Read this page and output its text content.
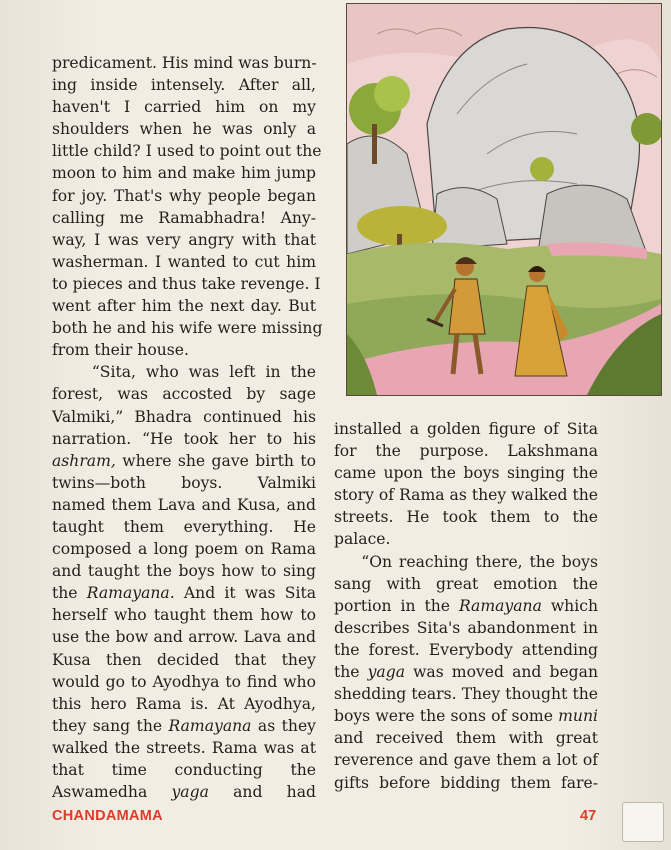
predicament. His mind was burn-
ing inside intensely. After all,
haven't I carried him on my
shoulders when he was only a
little child? I used to point out the
moon to him and make him jump
for joy. That's why people began
calling me Ramabhadra! Any-
way, I was very angry with that
washerman. I wanted to cut him
to pieces and thus take revenge. I
went after him the next day. But
both he and his wife were missing
from their house.
“Sita, who was left in the
forest, was accosted by sage
Valmiki,” Bhadra continued his
narration. “He took her to his
ashram, where she gave birth to
twins—both boys. Valmiki
named them Lava and Kusa, and
taught them everything. He
composed a long poem on Rama
and taught the boys how to sing
the Ramayana. And it was Sita
herself who taught them how to
use the bow and arrow. Lava and
Kusa then decided that they
would go to Ayodhya to find who
this hero Rama is. At Ayodhya,
they sang the Ramayana as they
walked the streets. Rama was at
that time conducting the
Aswamedha yaga and had
installed a golden figure of Sita
for the purpose. Lakshmana
came upon the boys singing the
story of Rama as they walked the
streets. He took them to the
palace.
“On reaching there, the boys
sang with great emotion the
portion in the Ramayana which
describes Sita's abandonment in
the forest. Everybody attending
the yaga was moved and began
shedding tears. They thought the
boys were the sons of some muni
and received them with great
reverence and gave them a lot of
gifts before bidding them fare-
CHANDAMAMA	47
